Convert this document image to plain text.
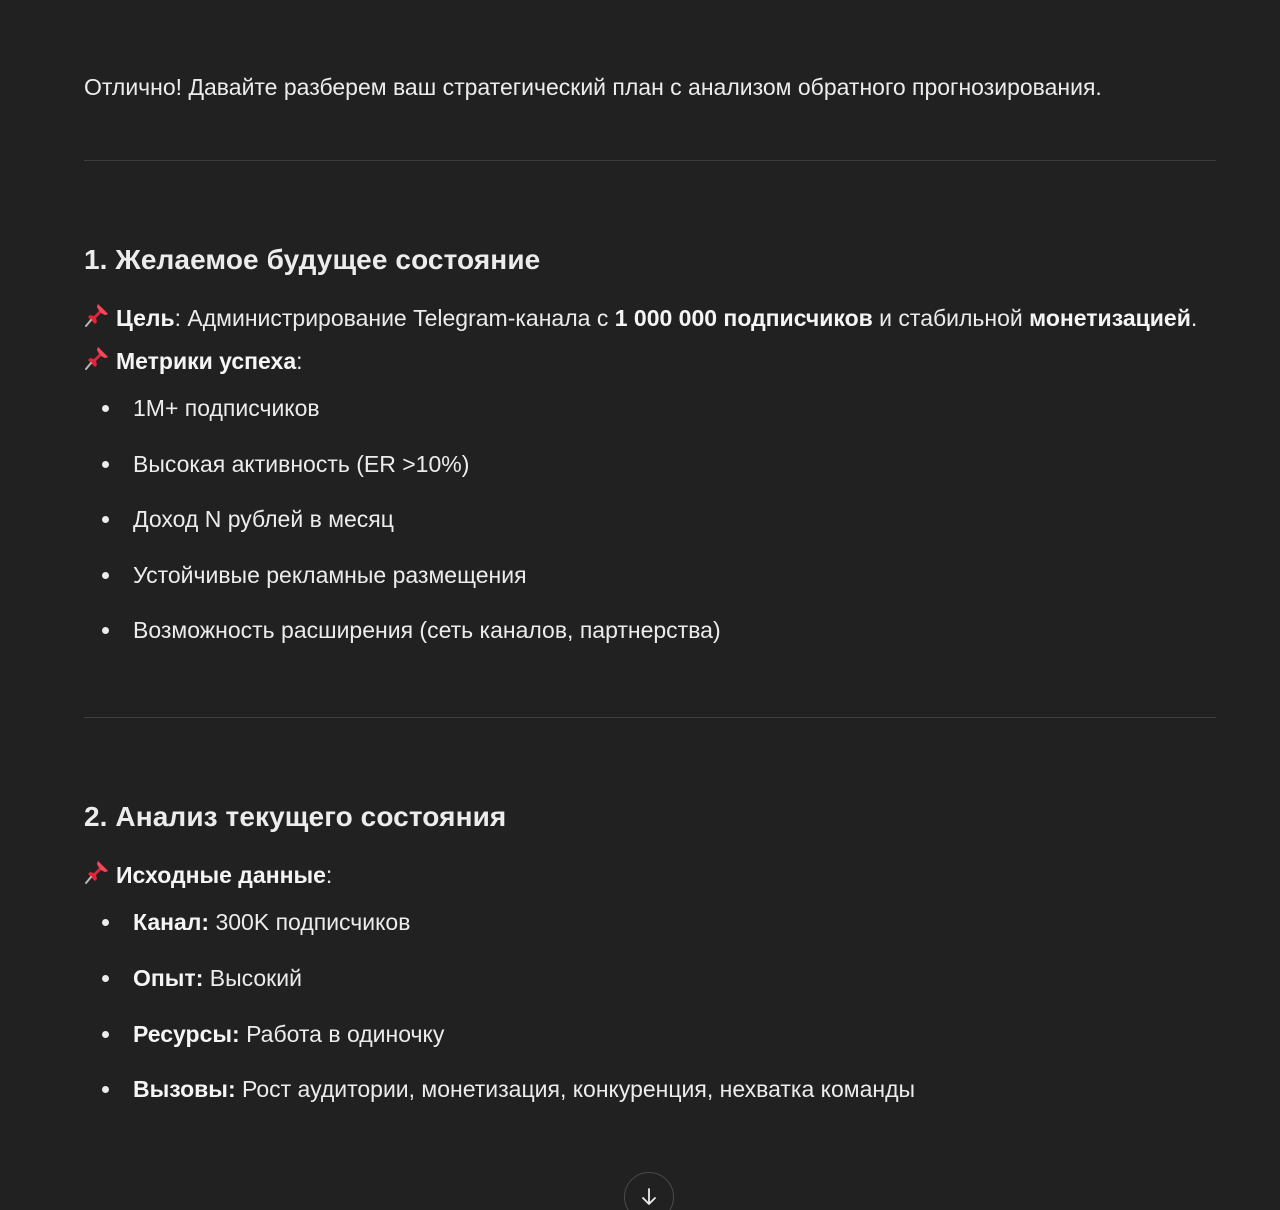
Отлично! Давайте разберем ваш стратегический план с анализом обратного прогнозирования.

1. Желаемое будущее состояние

Цель: Администрирование Telegram-канала с 1 000 000 подписчиков и стабильной монетизацией.

Метрики успеха:

1M+ подписчиков
Высокая активность (ER >10%)
Доход N рублей в месяц
Устойчивые рекламные размещения
Возможность расширения (сеть каналов, партнерства)
2. Анализ текущего состояния

Исходные данные:

Канал: 300K подписчиков
Опыт: Высокий
Ресурсы: Работа в одиночку
Вызовы: Рост аудитории, монетизация, конкуренция, нехватка команды
